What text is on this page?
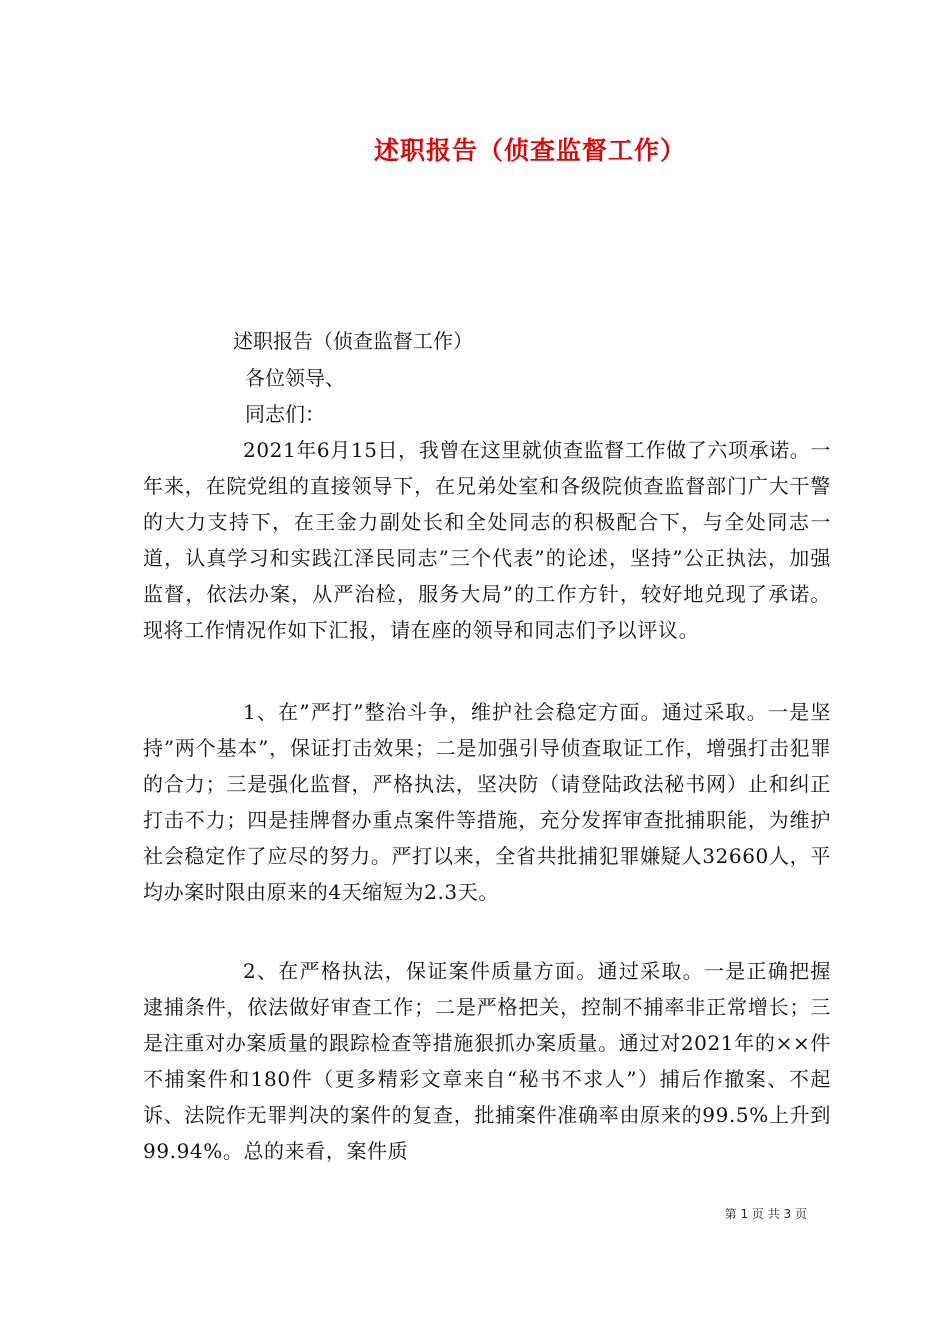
述职报告（侦查监督工作）
述职报告（侦查监督工作）
各位领导、
同志们：
2021年6月15日，我曾在这里就侦查监督工作做了六项承诺。一年来，在院党组的直接领导下，在兄弟处室和各级院侦查监督部门广大干警的大力支持下，在王金力副处长和全处同志的积极配合下，与全处同志一道，认真学习和实践江泽民同志”三个代表”的论述，坚持”公正执法，加强监督，依法办案，从严治检，服务大局”的工作方针，较好地兑现了承诺。现将工作情况作如下汇报，请在座的领导和同志们予以评议。
1、在”严打”整治斗争，维护社会稳定方面。通过采取。一是坚持”两个基本”，保证打击效果；二是加强引导侦查取证工作，增强打击犯罪的合力；三是强化监督，严格执法，坚决防（请登陆政法秘书网）止和纠正打击不力；四是挂牌督办重点案件等措施，充分发挥审查批捕职能，为维护社会稳定作了应尽的努力。严打以来，全省共批捕犯罪嫌疑人32660人，平均办案时限由原来的4天缩短为2.3天。
2、在严格执法，保证案件质量方面。通过采取。一是正确把握逮捕条件，依法做好审查工作；二是严格把关，控制不捕率非正常增长；三是注重对办案质量的跟踪检查等措施狠抓办案质量。通过对2021年的××件不捕案件和180件（更多精彩文章来自“秘书不求人”）捕后作撤案、不起诉、法院作无罪判决的案件的复查，批捕案件准确率由原来的99.5%上升到99.94%。总的来看，案件质
第 1 页 共 3 页
